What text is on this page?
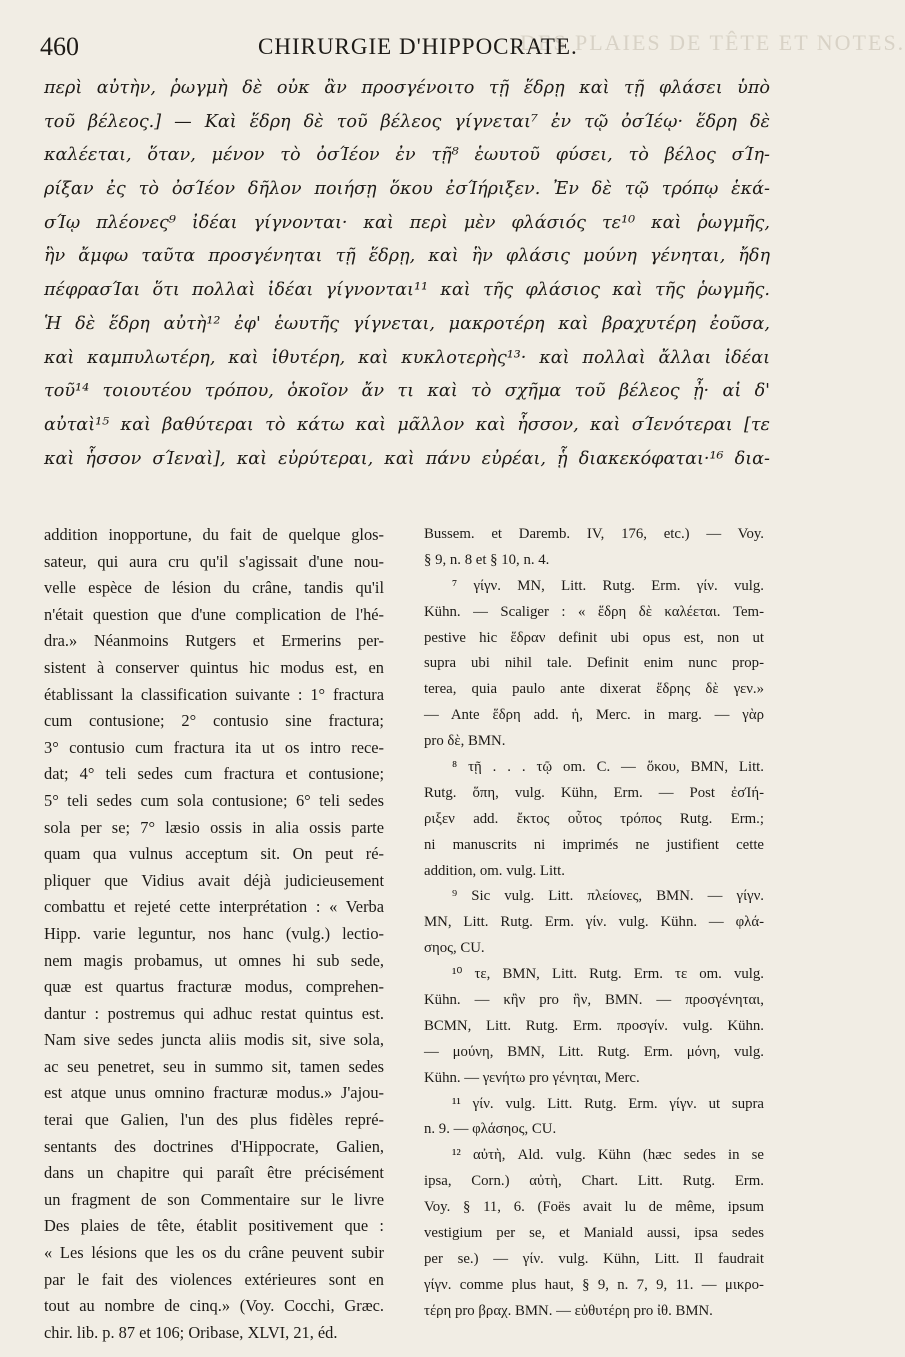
DES PLAIES DE TÊTE ET NOTES.
460	CHIRURGIE D'HIPPOCRATE.
περὶ αὐτὴν, ῥωγμὴ δὲ οὐκ ἂν προσγένοιτο τῇ ἕδρῃ καὶ τῇ φλάσει ὑπὸ
τοῦ βέλεος.] — Καὶ ἕδρη δὲ τοῦ βέλεος γίγνεται⁷ ἐν τῷ ὀσΊέῳ· ἕδρη δὲ
καλέεται, ὅταν, μένον τὸ ὀσΊέον ἐν τῇ⁸ ἑωυτοῦ φύσει, τὸ βέλος σΊη-
ρίξαν ἐς τὸ ὀσΊέον δῆλον ποιήσῃ ὅκου ἐσΊήριξεν. Ἐν δὲ τῷ τρόπῳ ἑκά-
σΊῳ πλέονες⁹ ἰδέαι γίγνονται· καὶ περὶ μὲν φλάσιός τε¹⁰ καὶ ῥωγμῆς,
ἣν ἄμφω ταῦτα προσγένηται τῇ ἕδρῃ, καὶ ἣν φλάσις μούνη γένηται, ἤδη
πέφρασΊαι ὅτι πολλαὶ ἰδέαι γίγνονται¹¹ καὶ τῆς φλάσιος καὶ τῆς ῥωγμῆς.
Ἡ δὲ ἕδρη αὐτὴ¹² ἐφ' ἑωυτῆς γίγνεται, μακροτέρη καὶ βραχυτέρη ἐοῦσα,
καὶ καμπυλωτέρη, καὶ ἰθυτέρη, καὶ κυκλοτερὴς¹³· καὶ πολλαὶ ἄλλαι ἰδέαι
τοῦ¹⁴ τοιουτέου τρόπου, ὁκοῖον ἄν τι καὶ τὸ σχῆμα τοῦ βέλεος ᾖ· αἱ δ'
αὐταὶ¹⁵ καὶ βαθύτεραι τὸ κάτω καὶ μᾶλλον καὶ ἧσσον, καὶ σΊενότεραι [τε
καὶ ἧσσον σΊεναὶ], καὶ εὐρύτεραι, καὶ πάνυ εὐρέαι, ᾗ διακεκόφαται·¹⁶ δια-
addition inopportune, du fait de quelque glos-
sateur, qui aura cru qu'il s'agissait d'une nou-
velle espèce de lésion du crâne, tandis qu'il
n'était question que d'une complication de l'hé-
dra.» Néanmoins Rutgers et Ermerins per-
sistent à conserver quintus hic modus est, en
établissant la classification suivante : 1° fractura
cum contusione; 2° contusio sine fractura;
3° contusio cum fractura ita ut os intro rece-
dat; 4° teli sedes cum fractura et contusione;
5° teli sedes cum sola contusione; 6° teli sedes
sola per se; 7° læsio ossis in alia ossis parte
quam qua vulnus acceptum sit. On peut ré-
pliquer que Vidius avait déjà judicieusement
combattu et rejeté cette interprétation : « Verba
Hipp. varie leguntur, nos hanc (vulg.) lectio-
nem magis probamus, ut omnes hi sub sede,
quæ est quartus fracturæ modus, comprehen-
dantur : postremus qui adhuc restat quintus est.
Nam sive sedes juncta aliis modis sit, sive sola,
ac seu penetret, seu in summo sit, tamen sedes
est atque unus omnino fracturæ modus.» J'ajou-
terai que Galien, l'un des plus fidèles repré-
sentants des doctrines d'Hippocrate, Galien,
dans un chapitre qui paraît être précisément
un fragment de son Commentaire sur le livre
Des plaies de tête, établit positivement que :
« Les lésions que les os du crâne peuvent subir
par le fait des violences extérieures sont en
tout au nombre de cinq.» (Voy. Cocchi, Græc.
chir. lib. p. 87 et 106; Oribase, XLVI, 21, éd.
Bussem. et Daremb. IV, 176, etc.) — Voy.
§ 9, n. 8 et § 10, n. 4.
⁷ γίγν. MN, Litt. Rutg. Erm. γίν. vulg.
Kühn. — Scaliger : « ἕδρη δὲ καλέεται. Tem-
pestive hic ἕδραν definit ubi opus est, non ut
supra ubi nihil tale. Definit enim nunc prop-
terea, quia paulo ante dixerat ἕδρης δὲ γεν.»
— Ante ἕδρη add. ἡ, Merc. in marg. — γὰρ
pro δὲ, BMN.
⁸ τῇ . . . τῷ om. C. — ὅκου, BMN, Litt.
Rutg. ὅπη, vulg. Kühn, Erm. — Post ἐσΊή-
ριξεν add. ἔκτος οὗτος τρόπος Rutg. Erm.;
ni manuscrits ni imprimés ne justifient cette
addition, om. vulg. Litt.
⁹ Sic vulg. Litt. πλείονες, BMN. — γίγν.
MN, Litt. Rutg. Erm. γίν. vulg. Kühn. — φλά-
σηος, CU.
¹⁰ τε, BMN, Litt. Rutg. Erm. τε om. vulg.
Kühn. — κἢν pro ἣν, BMN. — προσγένηται,
BCMN, Litt. Rutg. Erm. προσγίν. vulg. Kühn.
— μούνη, BMN, Litt. Rutg. Erm. μόνη, vulg.
Kühn. — γενήτω pro γένηται, Merc.
¹¹ γίν. vulg. Litt. Rutg. Erm. γίγν. ut supra
n. 9. — φλάσηος, CU.
¹² αὐτὴ, Ald. vulg. Kühn (hæc sedes in se
ipsa, Corn.) αὐτὴ, Chart. Litt. Rutg. Erm.
Voy. § 11, 6. (Foës avait lu de même, ipsum
vestigium per se, et Maniald aussi, ipsa sedes
per se.) — γίν. vulg. Kühn, Litt. Il faudrait
γίγν. comme plus haut, § 9, n. 7, 9, 11. — μικρο-
τέρη pro βραχ. BMN. — εὐθυτέρη pro ἰθ. BMN.
